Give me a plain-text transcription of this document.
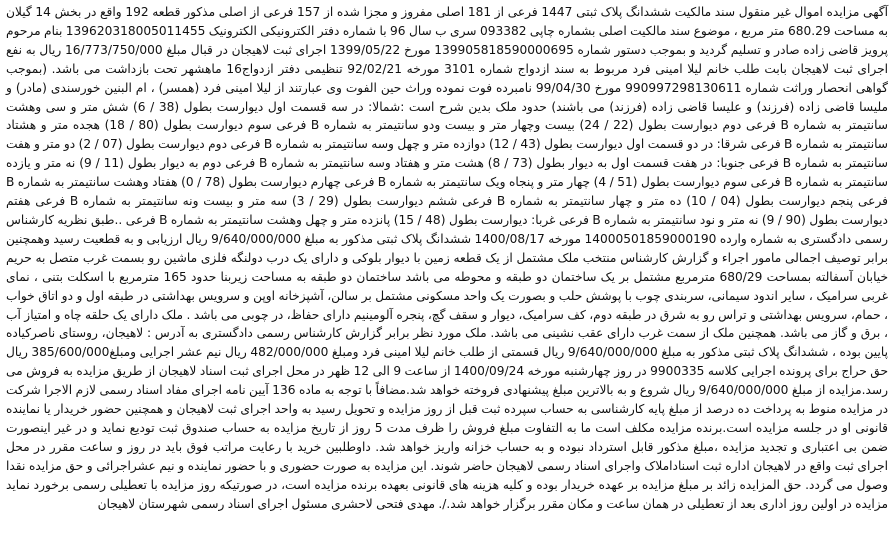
آگهی مزایده اموال غیر منقول سند مالکیت ششدانگ پلاک ثبتی 1447 فرعی از 181 اصلی مفروز و مجزا شده از 157 فرعی از اصلی مذکور قطعه 192 واقع در بخش 14 گیلان به مساحت 680.29 متر مربع ، موضوع سند مالکیت اصلی بشماره چاپی 093382 سری ب سال 96 با شماره دفتر الکترونیکی الکترونیک 139620318005011455 بنام مرحوم پرویز قاضی زاده صادر و تسلیم گردید و بموجب دستور شماره 139905818590000695 مورخ 1399/05/22 اجرای ثبت لاهیجان در قبال مبلغ 16/773/750/000 ریال به نفع اجرای ثبت لاهیجان بابت طلب خانم لیلا امینی فرد مربوط به سند ازدواج شماره 3101 مورخه 92/02/21 تنظیمی دفتر ازدواج16 ماهشهر تحت بازداشت می باشد. (بموجب گواهی انحصار وراثت شماره 990997298130611 مورخ 99/04/30 نامبرده فوت نموده وراث حین الفوت وی عبارتند از لیلا امینی فرد (همسر) ، ام البنین خورسندی (مادر) و ملیسا قاضی زاده (فرزند) و علیسا قاضی زاده (فرزند) می باشند) حدود ملک بدین شرح است :شمالا: در سه قسمت اول دیوارست بطول (38 / 6) شش متر و سی وهشت سانتیمتر به شماره B فرعی دوم دیوارست بطول (22 / 24) بیست وچهار متر و بیست ودو سانتیمتر به شماره B فرعی سوم دیوارست بطول (80 / 18) هجده متر و هشتاد سانتیمتر به شماره B فرعی شرقا: در دو قسمت اول دیوارست بطول (43 / 12) دوازده متر و چهل وسه سانتیمتر به شماره B فرعی دوم دیوارست بطول (07 / 2) دو متر و هفت سانتیمتر به شماره B فرعی جنوبا: در هفت قسمت اول به دیوار بطول (73 / 8) هشت متر و هفتاد وسه سانتیمتر به شماره B فرعی دوم به دیوار بطول (11 / 9) نه متر و یازده سانتیمتر به شماره B فرعی سوم دیوارست بطول (51 / 4) چهار متر و پنجاه ویک سانتیمتر به شماره B فرعی چهارم دیوارست بطول (78 / 0) هفتاد وهشت سانتیمتر به شماره B فرعی پنجم دیوارست بطول (04 / 10) ده متر و چهار سانتیمتر به شماره B فرعی ششم دیوارست بطول (29 / 3) سه متر و بیست ونه سانتیمتر به شماره B فرعی هفتم دیوارست بطول (90 / 9) نه متر و نود سانتیمتر به شماره B فرعی غربا: دیوارست بطول (48 / 15) پانزده متر و چهل وهشت سانتیمتر به شماره B فرعی ..طبق نظریه کارشناس رسمی دادگستری به شماره وارده 14000501859000190 مورخه 1400/08/17 ششدانگ پلاک ثبتی مذکور به مبلغ 9/640/000/000 ریال ارزیابی و به قطعیت رسید وهمچنین برابر توصیف اجمالی مامور اجراء و گزارش کارشناس منتخب ملک مشتمل از یک قطعه زمین با دیوار بلوکی و دارای یک درب دولنگه فلزی ماشین رو بسمت غرب متصل به حریم خیابان آسفالته بمساحت 680/29 مترمربع مشتمل بر یک ساختمان دو طبقه و محوطه می باشد ساختمان دو طبقه به مساحت زیربنا حدود 165 مترمربع با اسکلت بتنی ، نمای غربی سرامیک ، سایر اندود سیمانی، سربندی چوب با پوشش حلب و بصورت یک واحد مسکونی مشتمل بر سالن، آشپزخانه اوپن و سرویس بهداشتی در طبقه اول و دو اتاق خواب ، حمام، سرویس بهداشتی و تراس رو به شرق در طبقه دوم، کف سرامیک، دیوار و سقف گچ، پنجره آلومینیم دارای حفاظ، در چوبی می باشد . ملک دارای یک حلقه چاه و امتیاز آب ، برق و گاز می باشد. همچنین ملک از سمت غرب دارای عقب نشینی می باشد. ملک مورد نظر برابر گزارش کارشناس رسمی دادگستری به آدرس : لاهیجان، روستای ناصرکیاده پایین بوده ، ششدانگ پلاک ثبتی مذکور به مبلغ 9/640/000/000 ریال قسمتی از طلب خانم لیلا امینی فرد ومبلغ 482/000/000 ریال نیم عشر اجرایی ومبلغ385/600/000 ریال حق حراج برای پرونده اجرایی کلاسه 9900335 در روز چهارشنبه مورخه 1400/09/24 از ساعت 9 الی 12 ظهر در محل اجرای ثبت اسناد لاهیجان از طریق مزایده به فروش می رسد.مزایده از مبلغ 9/640/000/000 ریال شروع و به بالاترین مبلغ پیشنهادی فروخته خواهد شد.مضافاً با توجه به ماده 136 آیین نامه اجرای مفاد اسناد رسمی لازم الاجرا شرکت در مزایده منوط به پرداخت ده درصد از مبلغ پایه کارشناسی به حساب سپرده ثبت قبل از روز مزایده و تحویل رسید به واحد اجرای ثبت لاهیجان و همچنین حضور خریدار یا نماینده قانونی او در جلسه مزایده است.برنده مزایده مکلف است ما به التفاوت مبلغ فروش را ظرف مدت 5 روز از تاریخ مزایده به حساب صندوق ثبت تودیع نماید و در غیر اینصورت ضمن بی اعتباری و تجدید مزایده ،مبلغ مذکور قابل استرداد نبوده و به حساب خزانه واریز خواهد شد. داوطلبین خرید با رعایت مراتب فوق باید در روز و ساعت مقرر در محل اجرای ثبت واقع در لاهیجان اداره ثبت اسناداملاک واجرای اسناد رسمی لاهیجان حاضر شوند. این مزایده به صورت حضوری و با حضور نماینده و نیم عشراجرائی و حق مزایده نقدا وصول می گردد. حق المزایده زائد بر مبلغ مزایده بر عهده خریدار بوده و کلیه هزینه های قانونی بعهده برنده مزایده است، در صورتیکه روز مزایده با تعطیلی رسمی برخورد نماید مزایده در اولین روز اداری بعد از تعطیلی در همان ساعت و مکان مقرر برگزار خواهد شد./. مهدی فتحی لاحشری مسئول اجرای اسناد رسمی شهرستان لاهیجان
